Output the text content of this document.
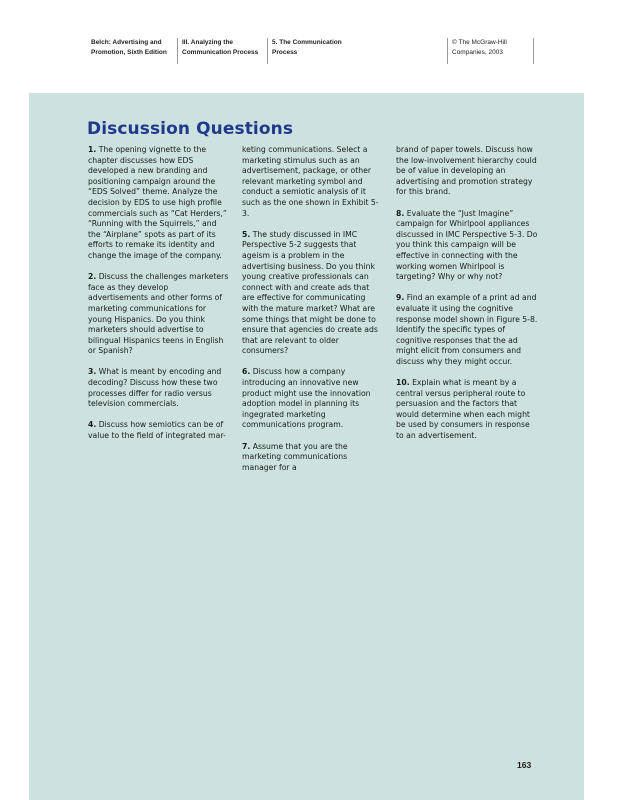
Belch: Advertising and
Promotion, Sixth Edition
III. Analyzing the
Communication Process
5. The Communication
Process
© The McGraw-Hill
Companies, 2003
Discussion Questions

1. The opening vignette to the chapter discusses how EDS developed a new branding and positioning campaign around the “EDS Solved” theme. Analyze the decision by EDS to use high profile commercials such as “Cat Herders,” “Running with the Squirrels,” and the “Airplane” spots as part of its efforts to remake its identity and change the image of the company.

2. Discuss the challenges marketers face as they develop advertisements and other forms of marketing communications for young Hispanics. Do you think marketers should advertise to bilingual Hispanics teens in English or Spanish?

3. What is meant by encoding and decoding? Discuss how these two processes differ for radio versus television commercials.

4. Discuss how semiotics can be of value to the field of integrated mar-

keting communications. Select a marketing stimulus such as an advertisement, package, or other relevant marketing symbol and conduct a semiotic analysis of it such as the one shown in Exhibit 5-3.

5. The study discussed in IMC Perspective 5-2 suggests that ageism is a problem in the advertising business. Do you think young creative professionals can connect with and create ads that are effective for communicating with the mature market? What are some things that might be done to ensure that agencies do create ads that are relevant to older consumers?

6. Discuss how a company introducing an innovative new product might use the innovation adoption model in planning its ingegrated marketing communications program.

7. Assume that you are the marketing communications manager for a

brand of paper towels. Discuss how the low-involvement hierarchy could be of value in developing an advertising and promotion strategy for this brand.

8. Evaluate the “Just Imagine” campaign for Whirlpool appliances discussed in IMC Perspective 5-3. Do you think this campaign will be effective in connecting with the working women Whirlpool is targeting? Why or why not?

9. Find an example of a print ad and evaluate it using the cognitive response model shown in Figure 5-8. Identify the specific types of cognitive responses that the ad might elicit from consumers and discuss why they might occur.

10. Explain what is meant by a central versus peripheral route to persuasion and the factors that would determine when each might be used by consumers in response to an advertisement.

163
